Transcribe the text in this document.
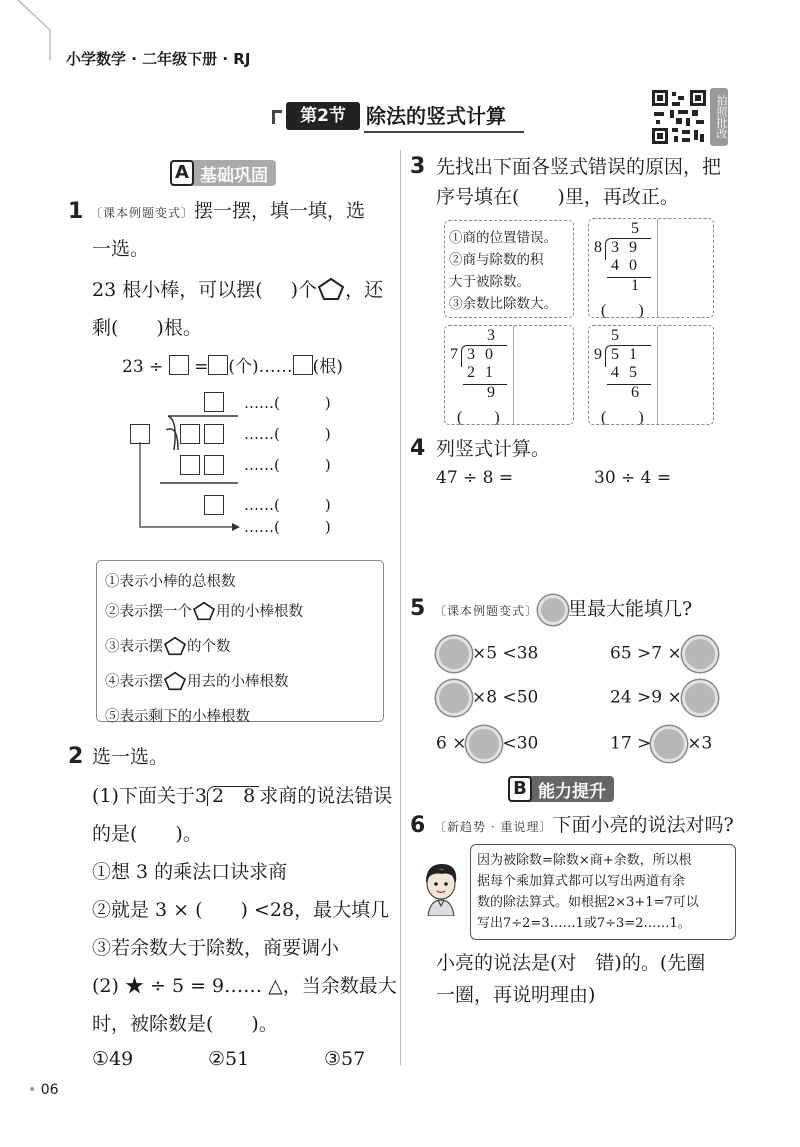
小学数学 · 二年级下册 · RJ
第2节	除法的竖式计算	拍照批改
A 基础巩固
1 〔课本例题变式〕摆一摆，填一填，选
一选。
23 根小棒，可以摆( )个 ，还
剩(　　)根。
23 ÷ = (个)…… (根)
……(　　　)
……(　　　)
……(　　　)
……(　　　)
……(　　　)
①表示小棒的总根数
②表示摆一个 用的小棒根数
③表示摆 的个数
④表示摆 用去的小棒根数
⑤表示剩下的小棒根数
2 选一选。
(1)下面关于3 2　8 求商的说法错误
的是(　　)。
①想 3 的乘法口诀求商
②就是 3 × (　　) <28，最大填几
③若余数大于除数，商要调小
(2) ★ ÷ 5 = 9…… △，当余数最大
时，被除数是(　　)。
①49	②51	③57
• 06
3 先找出下面各竖式错误的原因，把
序号填在(　　)里，再改正。
①商的位置错误。
②商与除数的积
大于被除数。
③余数比除数大。
5
8 3 9
4 0
1
(　　)
3
7 3 0
2 1
9
(　　)
5
9 5 1
4 5
6
(　　)
4 列竖式计算。
47 ÷ 8 =	30 ÷ 4 =
5 〔课本例题变式〕 里最大能填几?
×5 <38	65 >7 ×
×8 <50	24 >9 ×
6 × <30	17 > ×3
B 能力提升
6 〔新趋势 · 重说理〕下面小亮的说法对吗?
因为被除数=除数×商+余数，所以根
据每个乘加算式都可以写出两道有余
数的除法算式。如根据2×3+1=7可以
写出7÷2=3……1或7÷3=2……1。
小亮的说法是(对　错)的。(先圈
一圈，再说明理由)
